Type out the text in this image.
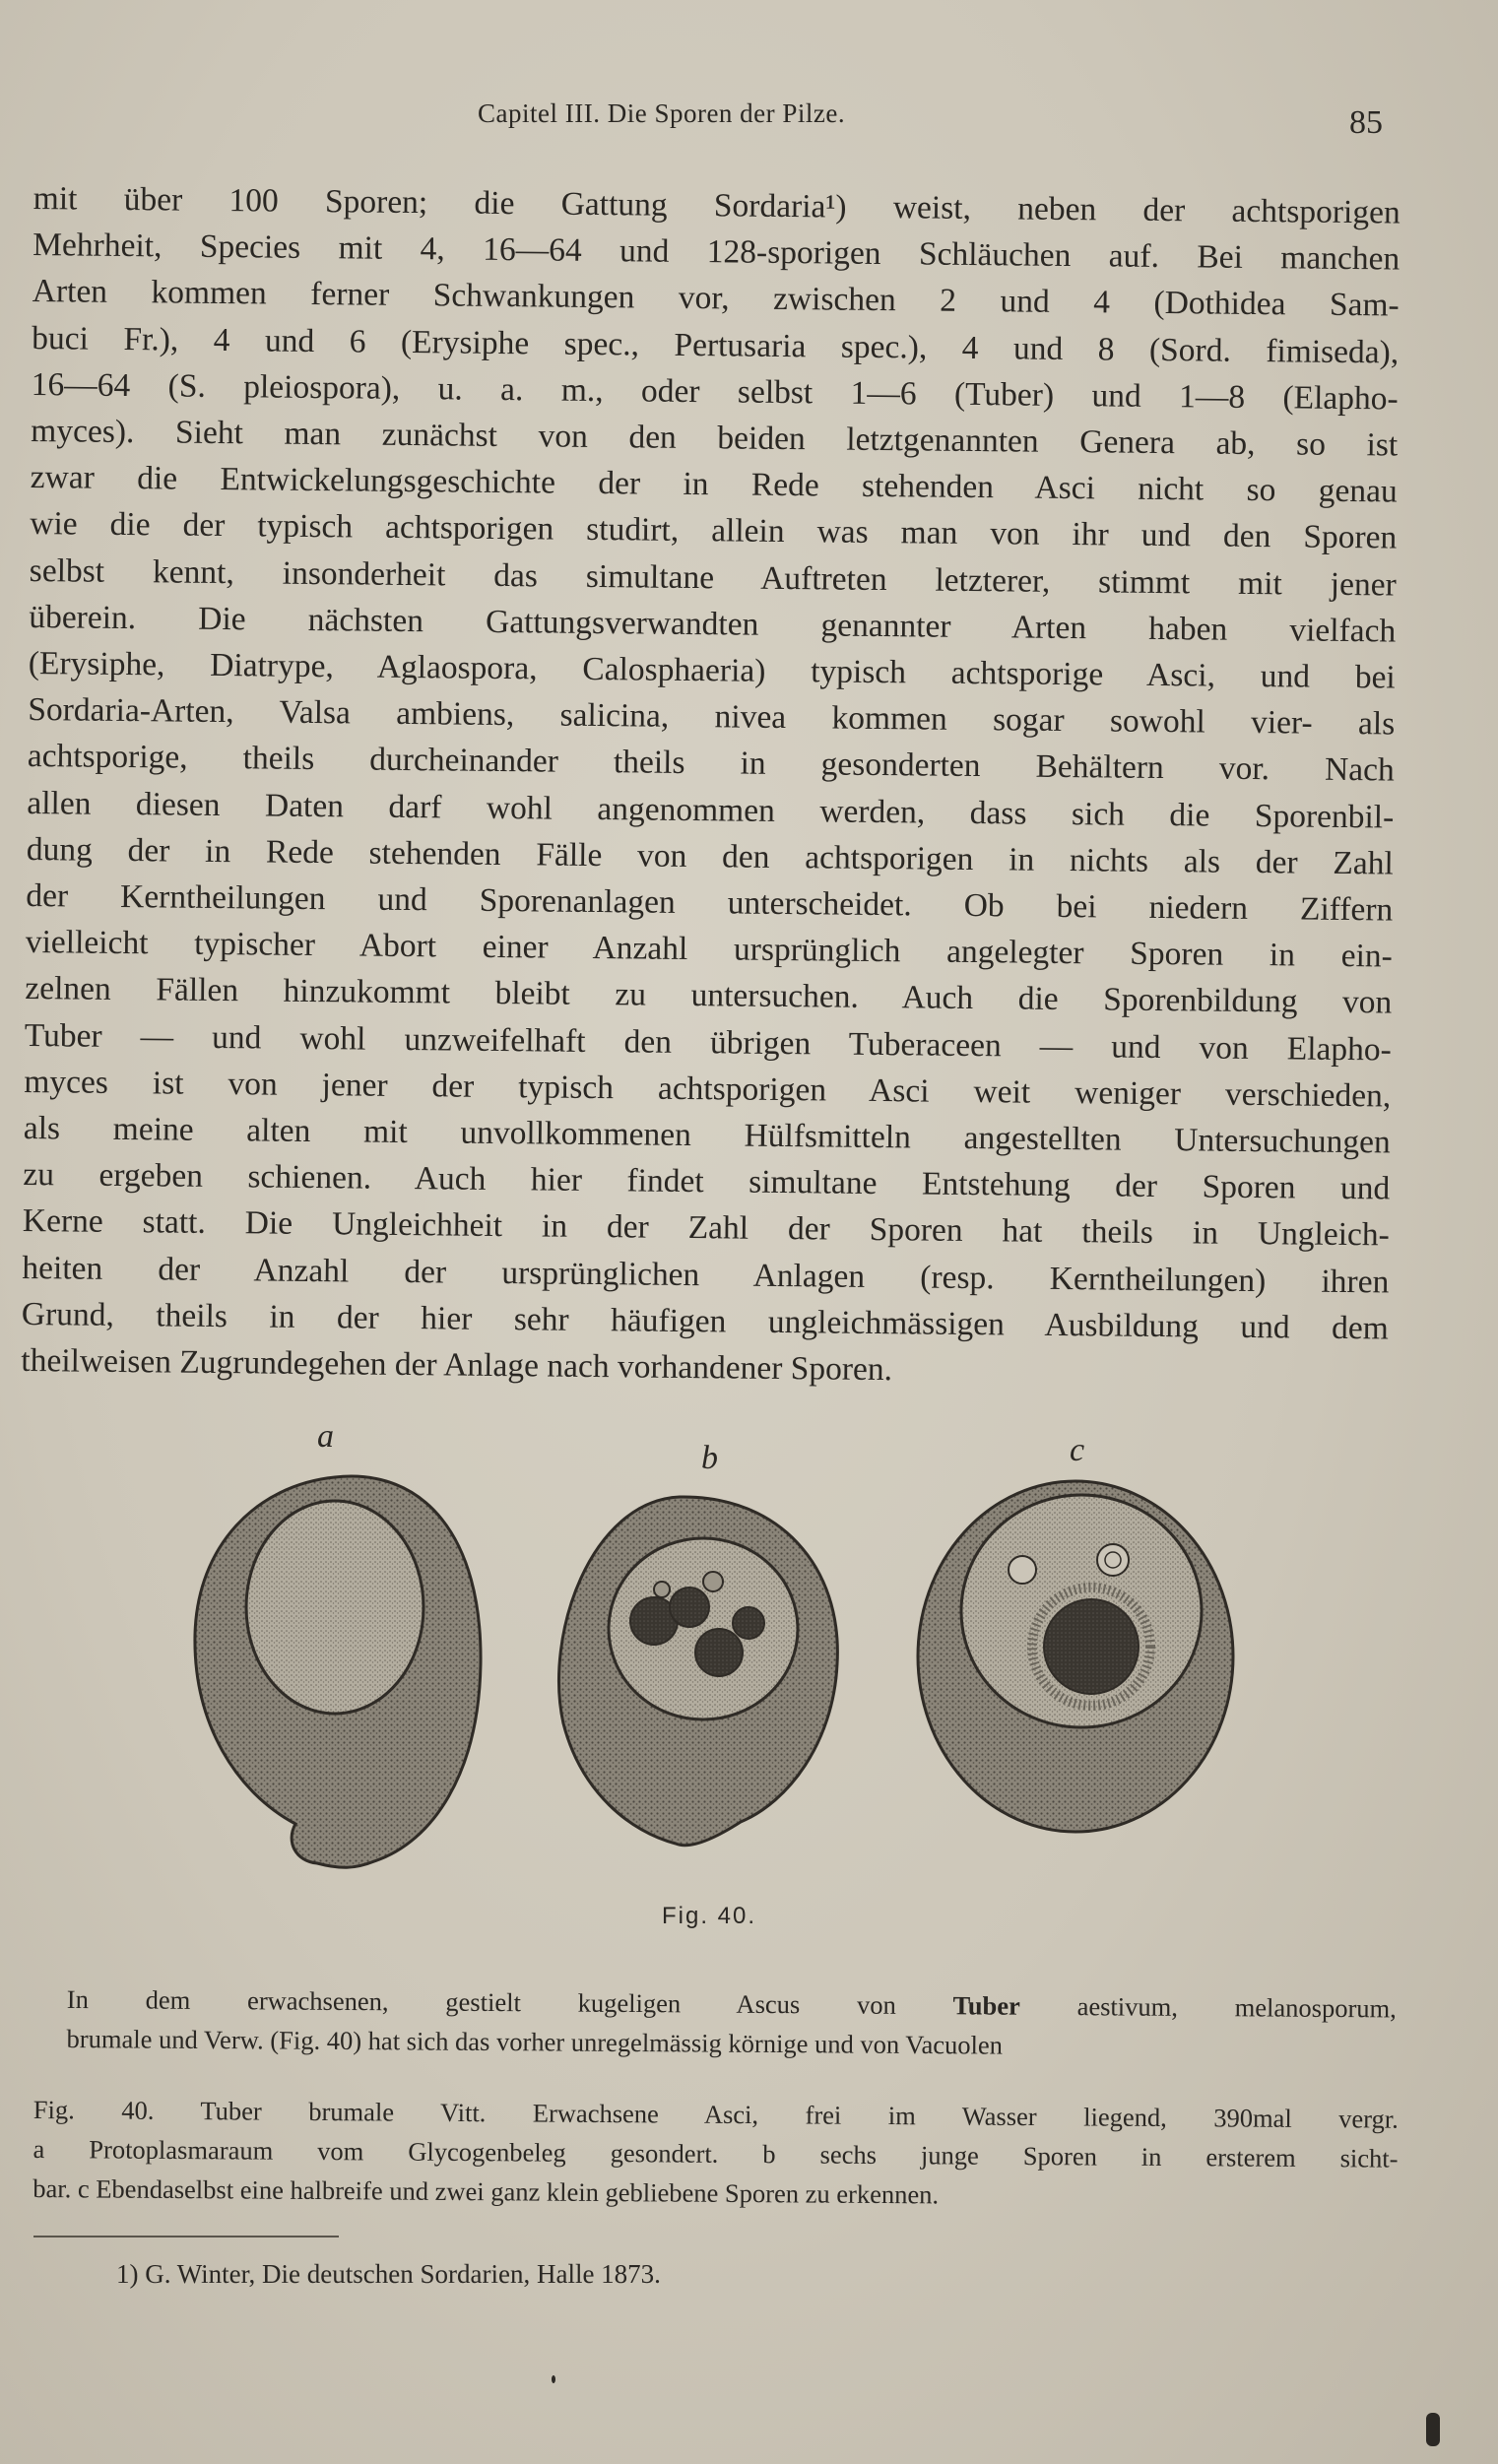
Capitel III. Die Sporen der Pilze.	85
mit über 100 Sporen; die Gattung Sordaria¹) weist, neben der achtsporigen
Mehrheit, Species mit 4, 16—64 und 128-sporigen Schläuchen auf. Bei manchen
Arten kommen ferner Schwankungen vor, zwischen 2 und 4 (Dothidea Sam-
buci Fr.), 4 und 6 (Erysiphe spec., Pertusaria spec.), 4 und 8 (Sord. fimiseda),
16—64 (S. pleiospora), u. a. m., oder selbst 1—6 (Tuber) und 1—8 (Elapho-
myces). Sieht man zunächst von den beiden letztgenannten Genera ab, so ist
zwar die Entwickelungsgeschichte der in Rede stehenden Asci nicht so genau
wie die der typisch achtsporigen studirt, allein was man von ihr und den Sporen
selbst kennt, insonderheit das simultane Auftreten letzterer, stimmt mit jener
überein. Die nächsten Gattungsverwandten genannter Arten haben vielfach
(Erysiphe, Diatrype, Aglaospora, Calosphaeria) typisch achtsporige Asci, und bei
Sordaria-Arten, Valsa ambiens, salicina, nivea kommen sogar sowohl vier- als
achtsporige, theils durcheinander theils in gesonderten Behältern vor. Nach
allen diesen Daten darf wohl angenommen werden, dass sich die Sporenbil-
dung der in Rede stehenden Fälle von den achtsporigen in nichts als der Zahl
der Kerntheilungen und Sporenanlagen unterscheidet. Ob bei niedern Ziffern
vielleicht typischer Abort einer Anzahl ursprünglich angelegter Sporen in ein-
zelnen Fällen hinzukommt bleibt zu untersuchen. Auch die Sporenbildung von
Tuber — und wohl unzweifelhaft den übrigen Tuberaceen — und von Elapho-
myces ist von jener der typisch achtsporigen Asci weit weniger verschieden,
als meine alten mit unvollkommenen Hülfsmitteln angestellten Untersuchungen
zu ergeben schienen. Auch hier findet simultane Entstehung der Sporen und
Kerne statt. Die Ungleichheit in der Zahl der Sporen hat theils in Ungleich-
heiten der Anzahl der ursprünglichen Anlagen (resp. Kerntheilungen) ihren
Grund, theils in der hier sehr häufigen ungleichmässigen Ausbildung und dem
theilweisen Zugrundegehen der Anlage nach vorhandener Sporen.
a
b	c
Fig. 40.
In dem erwachsenen, gestielt kugeligen Ascus von Tuber aestivum, melanosporum,
brumale und Verw. (Fig. 40) hat sich das vorher unregelmässig körnige und von Vacuolen
Fig. 40. Tuber brumale Vitt. Erwachsene Asci, frei im Wasser liegend, 390mal vergr.
a Protoplasmaraum vom Glycogenbeleg gesondert. b sechs junge Sporen in ersterem sicht-
bar. c Ebendaselbst eine halbreife und zwei ganz klein gebliebene Sporen zu erkennen.
1) G. Winter, Die deutschen Sordarien, Halle 1873.
